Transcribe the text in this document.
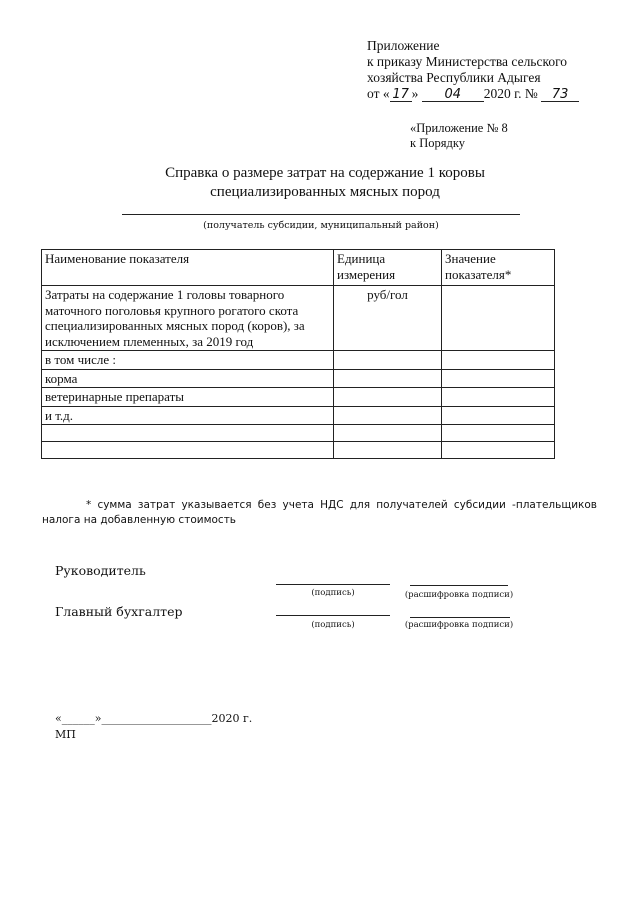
Приложение
к приказу Министерства сельского
хозяйства Республики Адыгея
от « 17 » 04 2020 г. № 73
«Приложение № 8
к Порядку
Справка о размере затрат на содержание 1 коровы
специализированных мясных пород
(получатель субсидии, муниципальный район)
Наименование показателя	Единица измерения	Значение показателя*
Затраты на содержание 1 головы товарного маточного поголовья крупного рогатого скота специализированных мясных пород (коров), за исключением племенных, за 2019 год	руб/гол	
в том числе :		
корма		
ветеринарные препараты		
и т.д.		

* сумма затрат указывается без учета НДС для получателей субсидии -плательщиков налога на добавленную стоимость
Руководитель
(подпись)	(расшифровка подписи)
Главный бухгалтер
(подпись)	(расшифровка подписи)
«______»____________________2020 г.
МП
